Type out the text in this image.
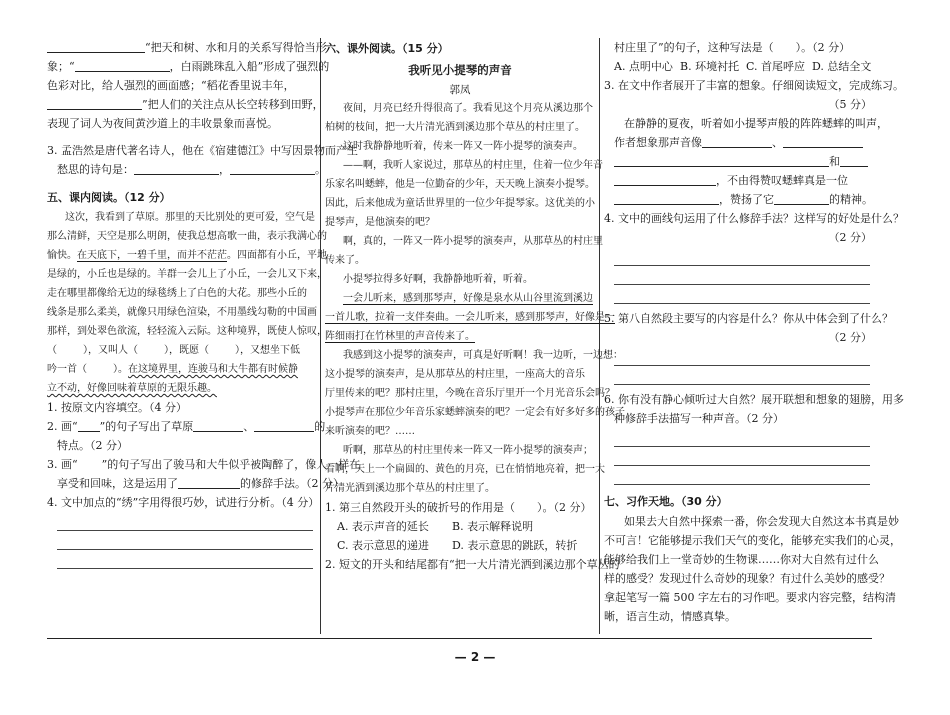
“把天和树、水和月的关系写得恰当形

象；“	，白雨跳珠乱入船”形成了强烈的

色彩对比，给人强烈的画面感；“稻花香里说丰年，

”把人们的关注点从长空转移到田野，

表现了词人为夜间黄沙道上的丰收景象而喜悦。

3. 孟浩然是唐代著名诗人，他在《宿建德江》中写因景物而产生

愁思的诗句是：	，	。

五、课内阅读。（12 分）

这次，我看到了草原。那里的天比别处的更可爱，空气是

那么清鲜，天空是那么明朗，使我总想高歌一曲，表示我满心的

愉快。在天底下，一碧千里，而并不茫茫。四面都有小丘，平地

是绿的，小丘也是绿的。羊群一会儿上了小丘，一会儿又下来，

走在哪里都像给无边的绿毯绣上了白色的大花。那些小丘的

线条是那么柔美，就像只用绿色渲染，不用墨线勾勒的中国画

那样，到处翠色欲流，轻轻流入云际。这种境界，既使人惊叹，

（	），又叫人（	），既愿（	），又想坐下低

吟一首（	）。在这境界里，连骏马和大牛都有时候静

立不动，好像回味着草原的无限乐趣。

1. 按原文内容填空。（4 分）

2. 画“ ”的句子写出了草原	、	的

特点。（2 分）

3. 画“ ”的句子写出了骏马和大牛似乎被陶醉了，像人一样在

享受和回味，这是运用了	的修辞手法。（2 分）

4. 文中加点的“绣”字用得很巧妙，试进行分析。（4 分）

六、课外阅读。（15 分）

我听见小提琴的声音

郭凤

夜间，月亮已经升得很高了。我看见这个月亮从溪边那个

柏树的枝间，把一大片清光洒到溪边那个草丛的村庄里了。

这时我静静地听着，传来一阵又一阵小提琴的演奏声。

——啊，我听人家说过，那草丛的村庄里，住着一位少年音

乐家名叫蟋蟀，他是一位勤奋的少年，天天晚上演奏小提琴。

因此，后来他成为童话世界里的一位少年提琴家。这优美的小

提琴声，是他演奏的吧？

啊，真的，一阵又一阵小提琴的演奏声，从那草丛的村庄里

传来了。

小提琴拉得多好啊，我静静地听着，听着。

一会儿听来，感到那琴声，好像是泉水从山谷里流到溪边

一首儿歌，拉着一支伴奏曲。一会儿听来，感到那琴声，好像是一

阵细雨打在竹林里的声音传来了。

我感到这小提琴的演奏声，可真是好听啊！我一边听，一边想：

这小提琴的演奏声，是从那草丛的村庄里，一座高大的音乐

厅里传来的吧？那村庄里，今晚在音乐厅里开一个月光音乐会吗？

小提琴声在那位少年音乐家蟋蟀演奏的吧？一定会有好多好多的孩子

来听演奏的吧？……

听啊，那草丛的村庄里传来一阵又一阵小提琴的演奏声；

看啊，天上一个扁圆的、黄色的月亮，已在悄悄地亮着，把一大

片清光洒到溪边那个草丛的村庄里了。

1. 第三自然段开头的破折号的作用是（　　）。（2 分）

A. 表示声音的延长 B. 表示解释说明

C. 表示意思的递进 D. 表示意思的跳跃，转折

2. 短文的开头和结尾都有“把一大片清光洒到溪边那个草丛的

村庄里了”的句子，这种写法是（　　）。（2 分）

A. 点明中心 B. 环境衬托 C. 首尾呼应 D. 总结全文

3. 在文中作者展开了丰富的想象。仔细阅读短文，完成练习。

（5 分）

在静静的夏夜，听着如小提琴声般的阵阵蟋蟀的叫声，

作者想象那声音像	、

和

，不由得赞叹蟋蟀真是一位

，赞扬了它	的精神。

4. 文中的画线句运用了什么修辞手法？这样写的好处是什么？

（2 分）

5. 第八自然段主要写的内容是什么？你从中体会到了什么？

（2 分）

6. 你有没有静心倾听过大自然？展开联想和想象的翅膀，用多

种修辞手法描写一种声音。（2 分）

七、习作天地。（30 分）

如果去大自然中探索一番，你会发现大自然这本书真是妙

不可言！它能够提示我们天气的变化，能够充实我们的心灵，

能够给我们上一堂奇妙的生物课……你对大自然有过什么

样的感受？发现过什么奇妙的现象？有过什么美妙的感受？

拿起笔写一篇 500 字左右的习作吧。要求内容完整，结构清

晰，语言生动，情感真挚。

— 2 —
